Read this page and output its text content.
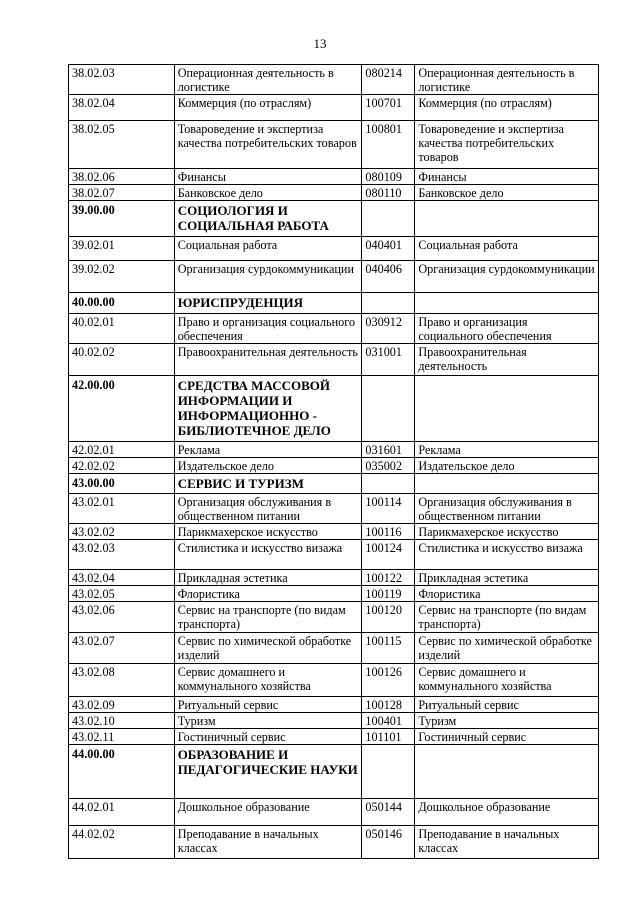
13
38.02.03	Операционная деятельность в логистике	080214	Операционная деятельность в логистике
38.02.04	Коммерция (по отраслям)	100701	Коммерция (по отраслям)
38.02.05	Товароведение и экспертиза качества потребительских товаров	100801	Товароведение и экспертиза качества потребительских товаров
38.02.06	Финансы	080109	Финансы
38.02.07	Банковское дело	080110	Банковское дело
39.00.00	СОЦИОЛОГИЯ И СОЦИАЛЬНАЯ РАБОТА		
39.02.01	Социальная работа	040401	Социальная работа
39.02.02	Организация сурдокоммуникации	040406	Организация сурдокоммуникации
40.00.00	ЮРИСПРУДЕНЦИЯ		
40.02.01	Право и организация социального обеспечения	030912	Право и организация социального обеспечения
40.02.02	Правоохранительная деятельность	031001	Правоохранительная деятельность
42.00.00	СРЕДСТВА МАССОВОЙ ИНФОРМАЦИИ И ИНФОРМАЦИОННО - БИБЛИОТЕЧНОЕ ДЕЛО		
42.02.01	Реклама	031601	Реклама
42.02.02	Издательское дело	035002	Издательское дело
43.00.00	СЕРВИС И ТУРИЗМ		
43.02.01	Организация обслуживания в общественном питании	100114	Организация обслуживания в общественном питании
43.02.02	Парикмахерское искусство	100116	Парикмахерское искусство
43.02.03	Стилистика и искусство визажа	100124	Стилистика и искусство визажа
43.02.04	Прикладная эстетика	100122	Прикладная эстетика
43.02.05	Флористика	100119	Флористика
43.02.06	Сервис на транспорте (по видам транспорта)	100120	Сервис на транспорте (по видам транспорта)
43.02.07	Сервис по химической обработке изделий	100115	Сервис по химической обработке изделий
43.02.08	Сервис домашнего и коммунального хозяйства	100126	Сервис домашнего и коммунального хозяйства
43.02.09	Ритуальный сервис	100128	Ритуальный сервис
43.02.10	Туризм	100401	Туризм
43.02.11	Гостиничный сервис	101101	Гостиничный сервис
44.00.00	ОБРАЗОВАНИЕ И ПЕДАГОГИЧЕСКИЕ НАУКИ		
44.02.01	Дошкольное образование	050144	Дошкольное образование
44.02.02	Преподавание в начальных классах	050146	Преподавание в начальных классах
